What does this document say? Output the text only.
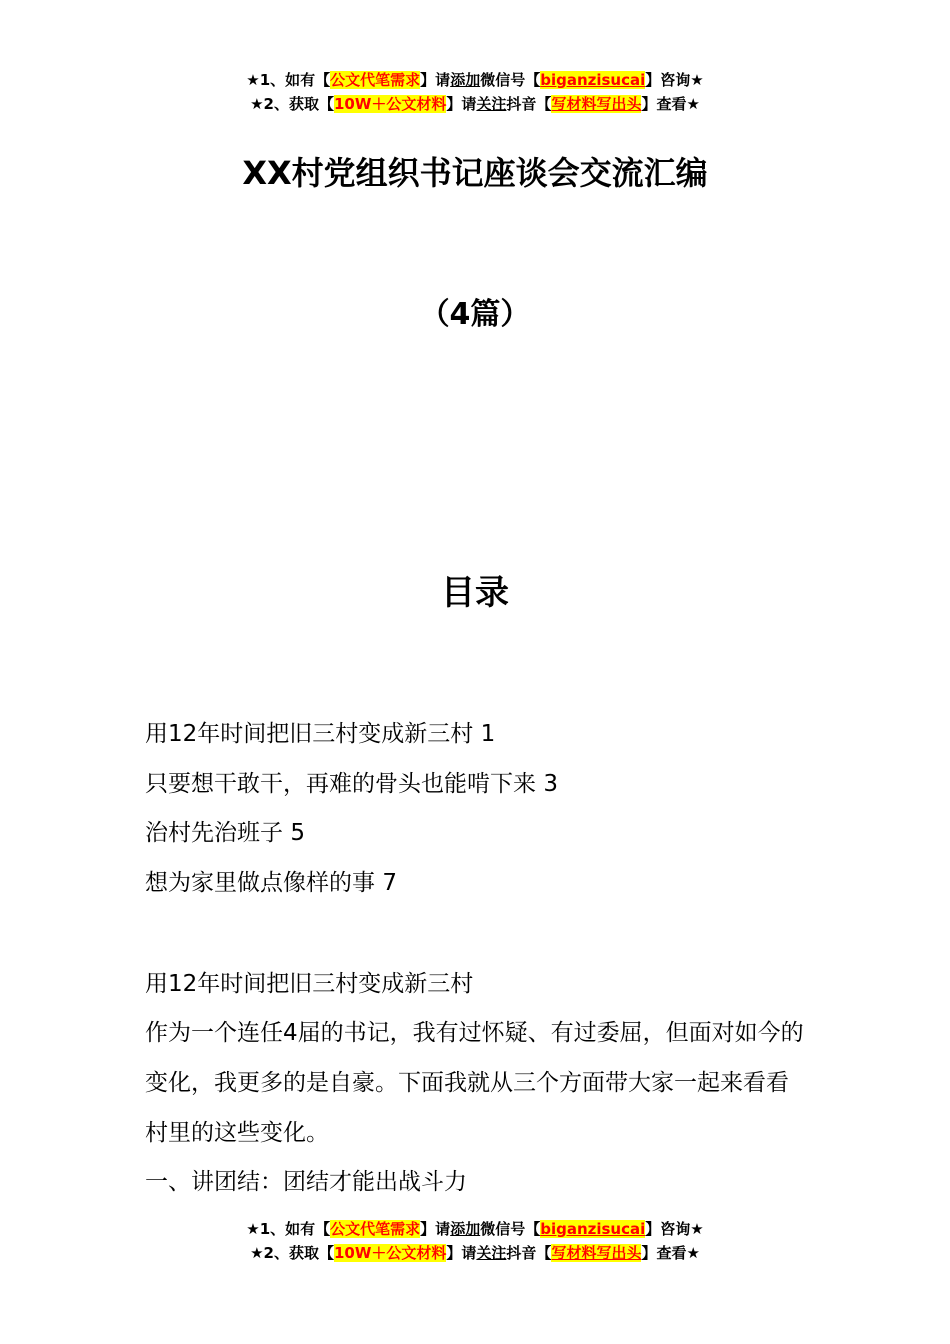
★1、如有【公文代笔需求】请添加微信号【biganzisucai】咨询★
★2、获取【10W＋公文材料】请关注抖音【写材料写出头】查看★
XX村党组织书记座谈会交流汇编
（4篇）
目录
用12年时间把旧三村变成新三村 1
只要想干敢干，再难的骨头也能啃下来 3
治村先治班子 5
想为家里做点像样的事 7
用12年时间把旧三村变成新三村
作为一个连任4届的书记，我有过怀疑、有过委屈，但面对如今的变化，我更多的是自豪。下面我就从三个方面带大家一起来看看村里的这些变化。
一、讲团结：团结才能出战斗力
★1、如有【公文代笔需求】请添加微信号【biganzisucai】咨询★
★2、获取【10W＋公文材料】请关注抖音【写材料写出头】查看★
